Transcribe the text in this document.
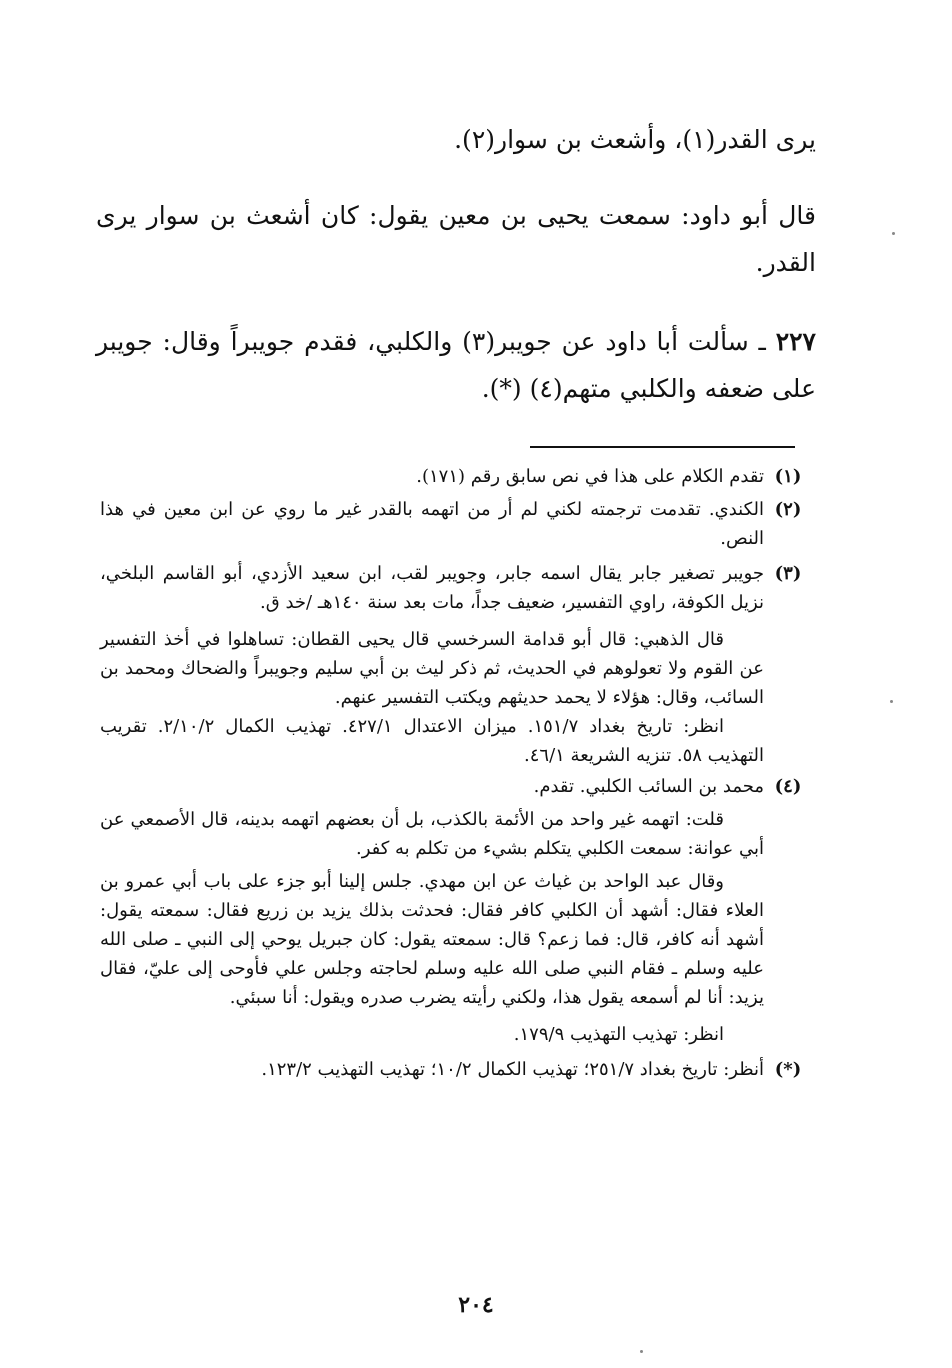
يرى القدر(١)، وأشعث بن سوار(٢).

قال أبو داود: سمعت يحيى بن معين يقول: كان أشعث بن سوار يرى القدر.

٢٢٧ ـ سألت أبا داود عن جويبر(٣) والكلبي، فقدم جويبراً وقال: جويبر على ضعفه والكلبي متهم(٤) (*).

(١)
تقدم الكلام على هذا في نص سابق رقم (١٧١).
(٢)
الكندي. تقدمت ترجمته لكني لم أر من اتهمه بالقدر غير ما روي عن ابن معين في هذا النص.
(٣)
جويبر تصغير جابر يقال اسمه جابر، وجويبر لقب، ابن سعيد الأزدي، أبو القاسم البلخي، نزيل الكوفة، راوي التفسير، ضعيف جداً، مات بعد سنة ١٤٠هـ /خد ق.
قال الذهبي: قال أبو قدامة السرخسي قال يحيى القطان: تساهلوا في أخذ التفسير عن القوم ولا تعولوهم في الحديث، ثم ذكر ليث بن أبي سليم وجويبراً والضحاك ومحمد بن السائب، وقال: هؤلاء لا يحمد حديثهم ويكتب التفسير عنهم.
انظر: تاريخ بغداد ١٥١/٧. ميزان الاعتدال ٤٢٧/١. تهذيب الكمال ٢/١٠/٢. تقريب التهذيب ٥٨. تنزيه الشريعة ٤٦/١.
(٤)
محمد بن السائب الكلبي. تقدم.
قلت: اتهمه غير واحد من الأئمة بالكذب، بل أن بعضهم اتهمه بدينه، قال الأصمعي عن أبي عوانة: سمعت الكلبي يتكلم بشيء من تكلم به كفر.
وقال عبد الواحد بن غياث عن ابن مهدي. جلس إلينا أبو جزء على باب أبي عمرو بن العلاء فقال: أشهد أن الكلبي كافر فقال: فحدثت بذلك يزيد بن زريع فقال: سمعته يقول: أشهد أنه كافر، قال: فما زعم؟ قال: سمعته يقول: كان جبريل يوحي إلى النبي ـ صلى الله عليه وسلم ـ فقام النبي صلى الله عليه وسلم لحاجته وجلس علي فأوحى إلى عليّ، فقال يزيد: أنا لم أسمعه يقول هذا، ولكني رأيته يضرب صدره ويقول: أنا سبئي.
انظر: تهذيب التهذيب ١٧٩/٩.
(*)
أنظر: تاريخ بغداد ٢٥١/٧؛ تهذيب الكمال ١٠/٢؛ تهذيب التهذيب ١٢٣/٢.
٢٠٤
